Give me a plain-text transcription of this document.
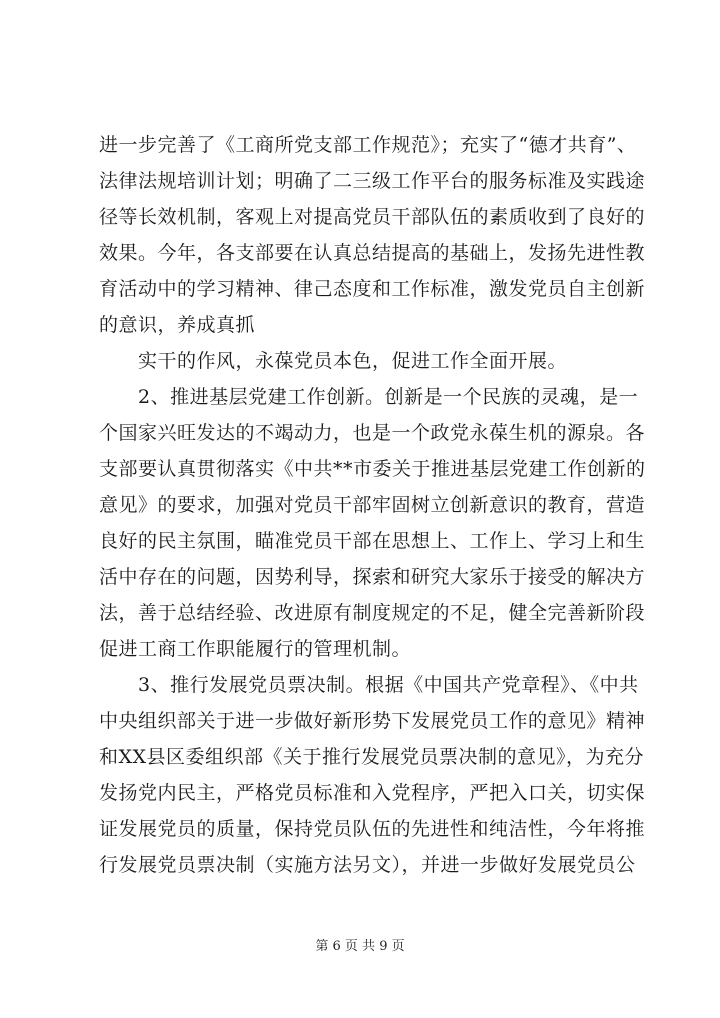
进一步完善了《工商所党支部工作规范》；充实了“德才共育”、
法律法规培训计划；明确了二三级工作平台的服务标准及实践途
径等长效机制，客观上对提高党员干部队伍的素质收到了良好的
效果。今年，各支部要在认真总结提高的基础上，发扬先进性教
育活动中的学习精神、律己态度和工作标准，激发党员自主创新
的意识，养成真抓
　　实干的作风，永葆党员本色，促进工作全面开展。
　　2、推进基层党建工作创新。创新是一个民族的灵魂，是一
个国家兴旺发达的不竭动力，也是一个政党永葆生机的源泉。各
支部要认真贯彻落实《中共**市委关于推进基层党建工作创新的
意见》的要求，加强对党员干部牢固树立创新意识的教育，营造
良好的民主氛围，瞄准党员干部在思想上、工作上、学习上和生
活中存在的问题，因势利导，探索和研究大家乐于接受的解决方
法，善于总结经验、改进原有制度规定的不足，健全完善新阶段
促进工商工作职能履行的管理机制。
　　3、推行发展党员票决制。根据《中国共产党章程》、《中共
中央组织部关于进一步做好新形势下发展党员工作的意见》精神
和XX县区委组织部《关于推行发展党员票决制的意见》，为充分
发扬党内民主，严格党员标准和入党程序，严把入口关，切实保
证发展党员的质量，保持党员队伍的先进性和纯洁性，今年将推
行发展党员票决制（实施方法另文），并进一步做好发展党员公
第 6 页 共 9 页
